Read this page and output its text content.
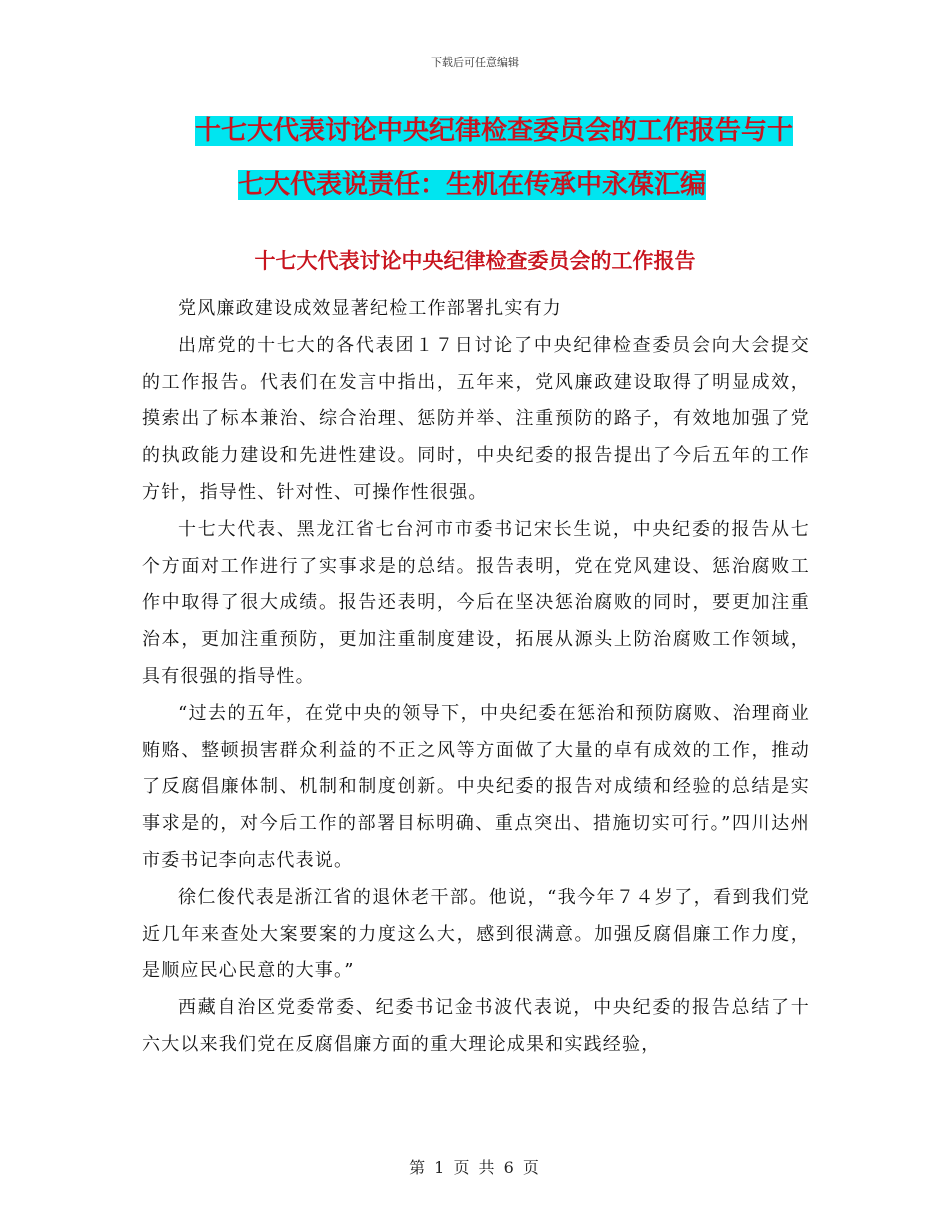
下载后可任意编辑
十七大代表讨论中央纪律检查委员会的工作报告与十
七大代表说责任：生机在传承中永葆汇编
十七大代表讨论中央纪律检查委员会的工作报告

党风廉政建设成效显著纪检工作部署扎实有力

出席党的十七大的各代表团１７日讨论了中央纪律检查委员会向大会提交的工作报告。代表们在发言中指出，五年来，党风廉政建设取得了明显成效，摸索出了标本兼治、综合治理、惩防并举、注重预防的路子，有效地加强了党的执政能力建设和先进性建设。同时，中央纪委的报告提出了今后五年的工作方针，指导性、针对性、可操作性很强。

十七大代表、黑龙江省七台河市市委书记宋长生说，中央纪委的报告从七个方面对工作进行了实事求是的总结。报告表明，党在党风建设、惩治腐败工作中取得了很大成绩。报告还表明，今后在坚决惩治腐败的同时，要更加注重治本，更加注重预防，更加注重制度建设，拓展从源头上防治腐败工作领域，具有很强的指导性。

“过去的五年，在党中央的领导下，中央纪委在惩治和预防腐败、治理商业贿赂、整顿损害群众利益的不正之风等方面做了大量的卓有成效的工作，推动了反腐倡廉体制、机制和制度创新。中央纪委的报告对成绩和经验的总结是实事求是的，对今后工作的部署目标明确、重点突出、措施切实可行。”四川达州市委书记李向志代表说。

徐仁俊代表是浙江省的退休老干部。他说，“我今年７４岁了，看到我们党近几年来查处大案要案的力度这么大，感到很满意。加强反腐倡廉工作力度，是顺应民心民意的大事。”

西藏自治区党委常委、纪委书记金书波代表说，中央纪委的报告总结了十六大以来我们党在反腐倡廉方面的重大理论成果和实践经验，

第 1 页 共 6 页
